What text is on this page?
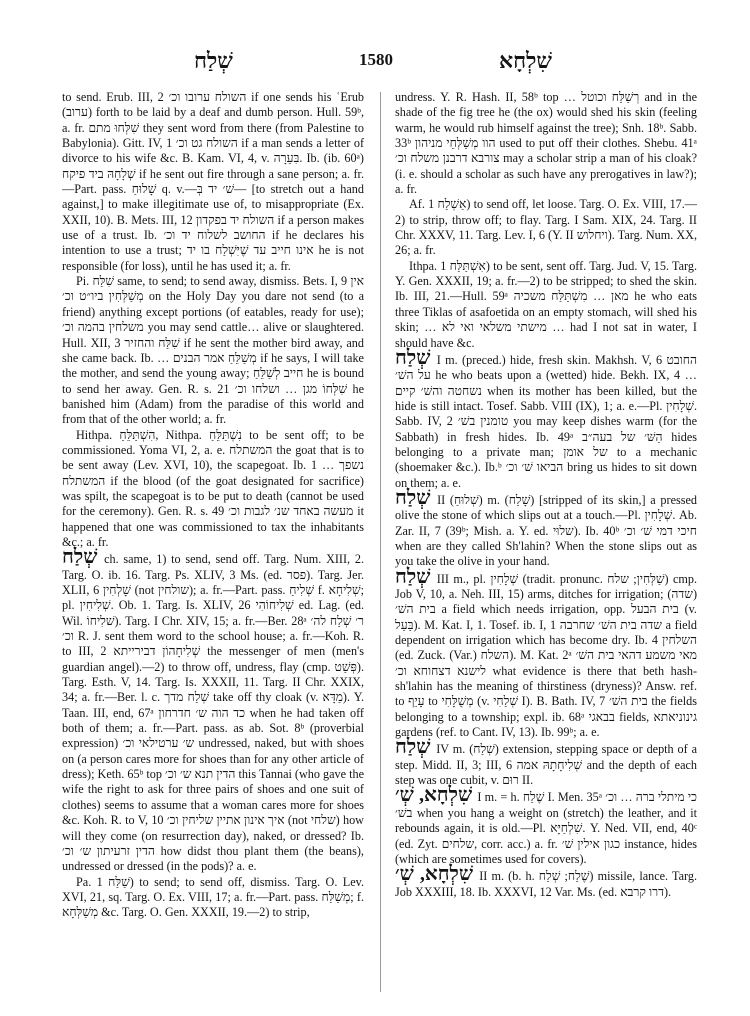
שְׁלַח	1580	שִׁלְחָא

to send. Erub. III, 2 השולח ערובו וכ׳ if one sends his ʿErub (ערוב) forth to be laid by a deaf and dumb person. Hull. 59ᵇ, a. fr. שִׁלְּחוּ מתם they sent word from there (from Palestine to Babylonia). Gitt. IV, 1 השולח גט וכ׳ if a man sends a letter of divorce to his wife &c. B. Kam. VI, 4, v. בִּעֵרָה. Ib. (ib. 60ᵃ) שְׁלָחָהּ ביד פיקח if he sent out fire through a sane person; a. fr.—Part. pass. שָׁלוּחַ q. v.—שׁ׳ יד בְּ‎— [to stretch out a hand against,] to make illegitimate use of, to misappropriate (Ex. XXII, 10). B. Mets. III, 12 השולח יד בפקדון if a person makes use of a trust. Ib. החושב לשלוח יד וכ׳ if he declares his intention to use a trust; אינו חייב עד שֶׁיִּשְׁלַח בו יד he is not responsible (for loss), until he has used it; a. fr.

Pi. שִׁלַּח same, to send; to send away, dismiss. Bets. I, 9 אין מְשַׁלְּחִין ביו״ט וכ׳ on the Holy Day you dare not send (to a friend) anything except portions (of eatables, ready for use); משלחין בהמה וכ׳ you may send cattle… alive or slaughtered. Hull. XII, 3 שִׁלַּח והחזיר if he sent the mother bird away, and she came back. Ib. … מְשַׁלֵּחַ אמר הבנים if he says, I will take the mother, and send the young away; חייב לְשַׁלֵּחַ he is bound to send her away. Gen. R. s. 21 שִׁלְּחוֹ מגן … ושלחו וכ׳ he banished him (Adam) from the paradise of this world and from that of the other world; a. fr.

Hithpa. הִשְׁתַּלֵּחַ, Nithpa. נִשְׁתַּלֵּחַ to be sent off; to be commissioned. Yoma VI, 2, a. e. המשתלח the goat that is to be sent away (Lev. XVI, 10), the scapegoat. Ib. 1 נשפך … המשתלח if the blood (of the goat designated for sacrifice) was spilt, the scapegoat is to be put to death (cannot be used for the ceremony). Gen. R. s. 49 מעשה באחד שנ׳ לגבות וכ׳ it happened that one was commissioned to tax the inhabitants &c.; a. fr.

שְׁלַח ch. same, 1) to send, send off. Targ. Num. XIII, 2. Targ. O. ib. 16. Targ. Ps. XLIV, 3 Ms. (ed. פסר). Targ. Jer. XLII, 6 שָׁלְחִין (not שולחין); a. fr.—Part. pass. שְׁלִיחַ f. שְׁלִיחָא; pl. שְׁלִיחִין. Ob. 1. Targ. Is. XLIV, 26 שְׁלִיחוֹהִי ed. Lag. (ed. Wil. שׁלִיחוֹ). Targ. I Chr. XIV, 15; a. fr.—Ber. 28ᵃ ר׳ שְׁלַח לה׳ וכ׳ R. J. sent them word to the school house; a. fr.—Koh. R. to III, 2 שְׁלִיחָהוֹן דבירייתא the messenger of men (men's guardian angel).—2) to throw off, undress, flay (cmp. פְּשַׁט). Targ. Esth. V, 14. Targ. Is. XXXII, 11. Targ. II Chr. XXIX, 34; a. fr.—Ber. l. c. שְׁלַח מדך take off thy cloak (v. מַדָּא). Y. Taan. III, end, 67ᵃ כד הוה ש׳ חדרחון when he had taken off both of them; a. fr.—Part. pass. as ab. Sot. 8ᵇ (proverbial expression) ש׳ ערטילאי וכ׳ undressed, naked, but with shoes on (a person cares more for shoes than for any other article of dress); Keth. 65ᵇ top הדין תנא ש׳ וכ׳ this Tannai (who gave the wife the right to ask for three pairs of shoes and one suit of clothes) seems to assume that a woman cares more for shoes &c. Koh. R. to V, 10 איך אינון אתיין שליחין וכ׳ (not שלחי) how will they come (on resurrection day), naked, or dressed? Ib. הדין זרעיתון ש׳ וכ׳ how didst thou plant them (the beans), undressed or dressed (in the pods)? a. e.

Pa. שַׁלַּח 1) to send; to send off, dismiss. Targ. O. Lev. XVI, 21, sq. Targ. O. Ex. VIII, 17; a. fr.—Part. pass. מְשַׁלַּח; f. מְשַׁלְּחָא &c. Targ. O. Gen. XXXII, 19.—2) to strip,

undress. Y. R. Hash. II, 58ᵇ top … רְשַׁלַּח וכוטל and in the shade of the fig tree he (the ox) would shed his skin (feeling warm, he would rub himself against the tree); Snh. 18ᵇ. Sabb. 33ᵇ הוו מְשַׁלְּחֵי מניהון used to put off their clothes. Shebu. 41ᵃ צורבא דרבנן משלח וכ׳ may a scholar strip a man of his cloak? (i. e. should a scholar as such have any prerogatives in law?); a. fr.

Af. אַשְׁלַח 1) to send off, let loose. Targ. O. Ex. VIII, 17.—2) to strip, throw off; to flay. Targ. I Sam. XIX, 24. Targ. II Chr. XXXV, 11. Targ. Lev. I, 6 (Y. II ויחלוש). Targ. Num. XX, 26; a. fr.

Ithpa. אִשְׁתַּלַּח 1) to be sent, sent off. Targ. Jud. V, 15. Targ. Y. Gen. XXXII, 19; a. fr.—2) to be stripped; to shed the skin. Ib. III, 21.—Hull. 59ᵃ מאן … מִשְׁתַּלַּח משכיה he who eats three Tiklas of asafoetida on an empty stomach, will shed his skin; … מישתי משלאי ואי לא … had I not sat in water, I should have &c.

שְׁלַח I m. (preced.) hide, fresh skin. Makhsh. V, 6 החובט על השׁ׳ he who beats upon a (wetted) hide. Bekh. IX, 4 … נשחטה והשׁ׳ קיים when its mother has been killed, but the hide is still intact. Tosef. Sabb. VIII (IX), 1; a. e.—Pl. שְׁלָחִין. Sabb. IV, 2 טומנין בשׁ׳ you may keep dishes warm (for the Sabbath) in fresh hides. Ib. 49ᵃ הַשּׁ׳ של בעה״ב hides belonging to a private man; של אומן to a mechanic (shoemaker &c.). Ib.ᵇ הביאו שׁ׳ וכ׳ bring us hides to sit down on them; a. e.

שְׁלַח II (שְׁלוּחַ) m. (שָׁלַח) [stripped of its skin,] a pressed olive the stone of which slips out at a touch.—Pl. שְׁלָחִין. Ab. Zar. II, 7 (39ᵇ; Mish. a. Y. ed. שלוּי). Ib. 40ᵇ חיכי דמי שׁ׳ וכ׳ when are they called Sh'lahin? When the stone slips out as you take the olive in your hand.

שְׁלַח III m., pl. שְׁלָחִין (tradit. pronunc. שַׁלְּחִין; שלח) cmp. Job V, 10, a. Neh. III, 15) arms, ditches for irrigation; (שדה) בית השׁ׳ a field which needs irrigation, opp. בית הבעל (v. בַּעַל). M. Kat. I, 1. Tosef. ib. I, 1 שדה בית השׁ׳ שחרבה a field dependent on irrigation which has become dry. Ib. 4 השלחין (ed. Zuck. (Var.) השלח). M. Kat. 2ᵃ מאי משמע דהאי בית השׁ׳ לישנא דצחוחא וכ׳ what evidence is there that beth hash-sh'lahin has the meaning of thirstiness (dryness)? Answ. ref. to עָיֵף to מְשֻׁלָּחִי (v. שְׁלַחִי I). B. Bath. IV, 7 בית השׁ׳ the fields belonging to a township; expl. ib. 68ᵃ בבאגי fields, גינוניאתא gardens (ref. to Cant. IV, 13). Ib. 99ᵇ; a. e.

שְׁלַח IV m. (שְׁלַח) extension, stepping space or depth of a step. Midd. II, 3; III, 6 שְׁלִיחָתָהּ אמה and the depth of each step was one cubit, v. רוּם II.

שִׁלְחָא, שְׁ׳ I m. = h. שֶׁלַח I. Men. 35ᵃ כי מיתלי ברה … וכ׳ בשׁ׳ when you hang a weight on (stretch) the leather, and it rebounds again, it is old.—Pl. שִׁלְחַיָּא. Y. Ned. VII, end, 40ᶜ (ed. Zyt. שלחים, corr. acc.) a. fr. כגון אילין שׁ׳ instance, hides (which are sometimes used for covers).

שִׁלְחָא, שְׁ׳ II m. (b. h. שֶׁלַח; שְׁלַח) missile, lance. Targ. Job XXXIII, 18. Ib. XXXVI, 12 Var. Ms. (ed. דרו קרבא).
